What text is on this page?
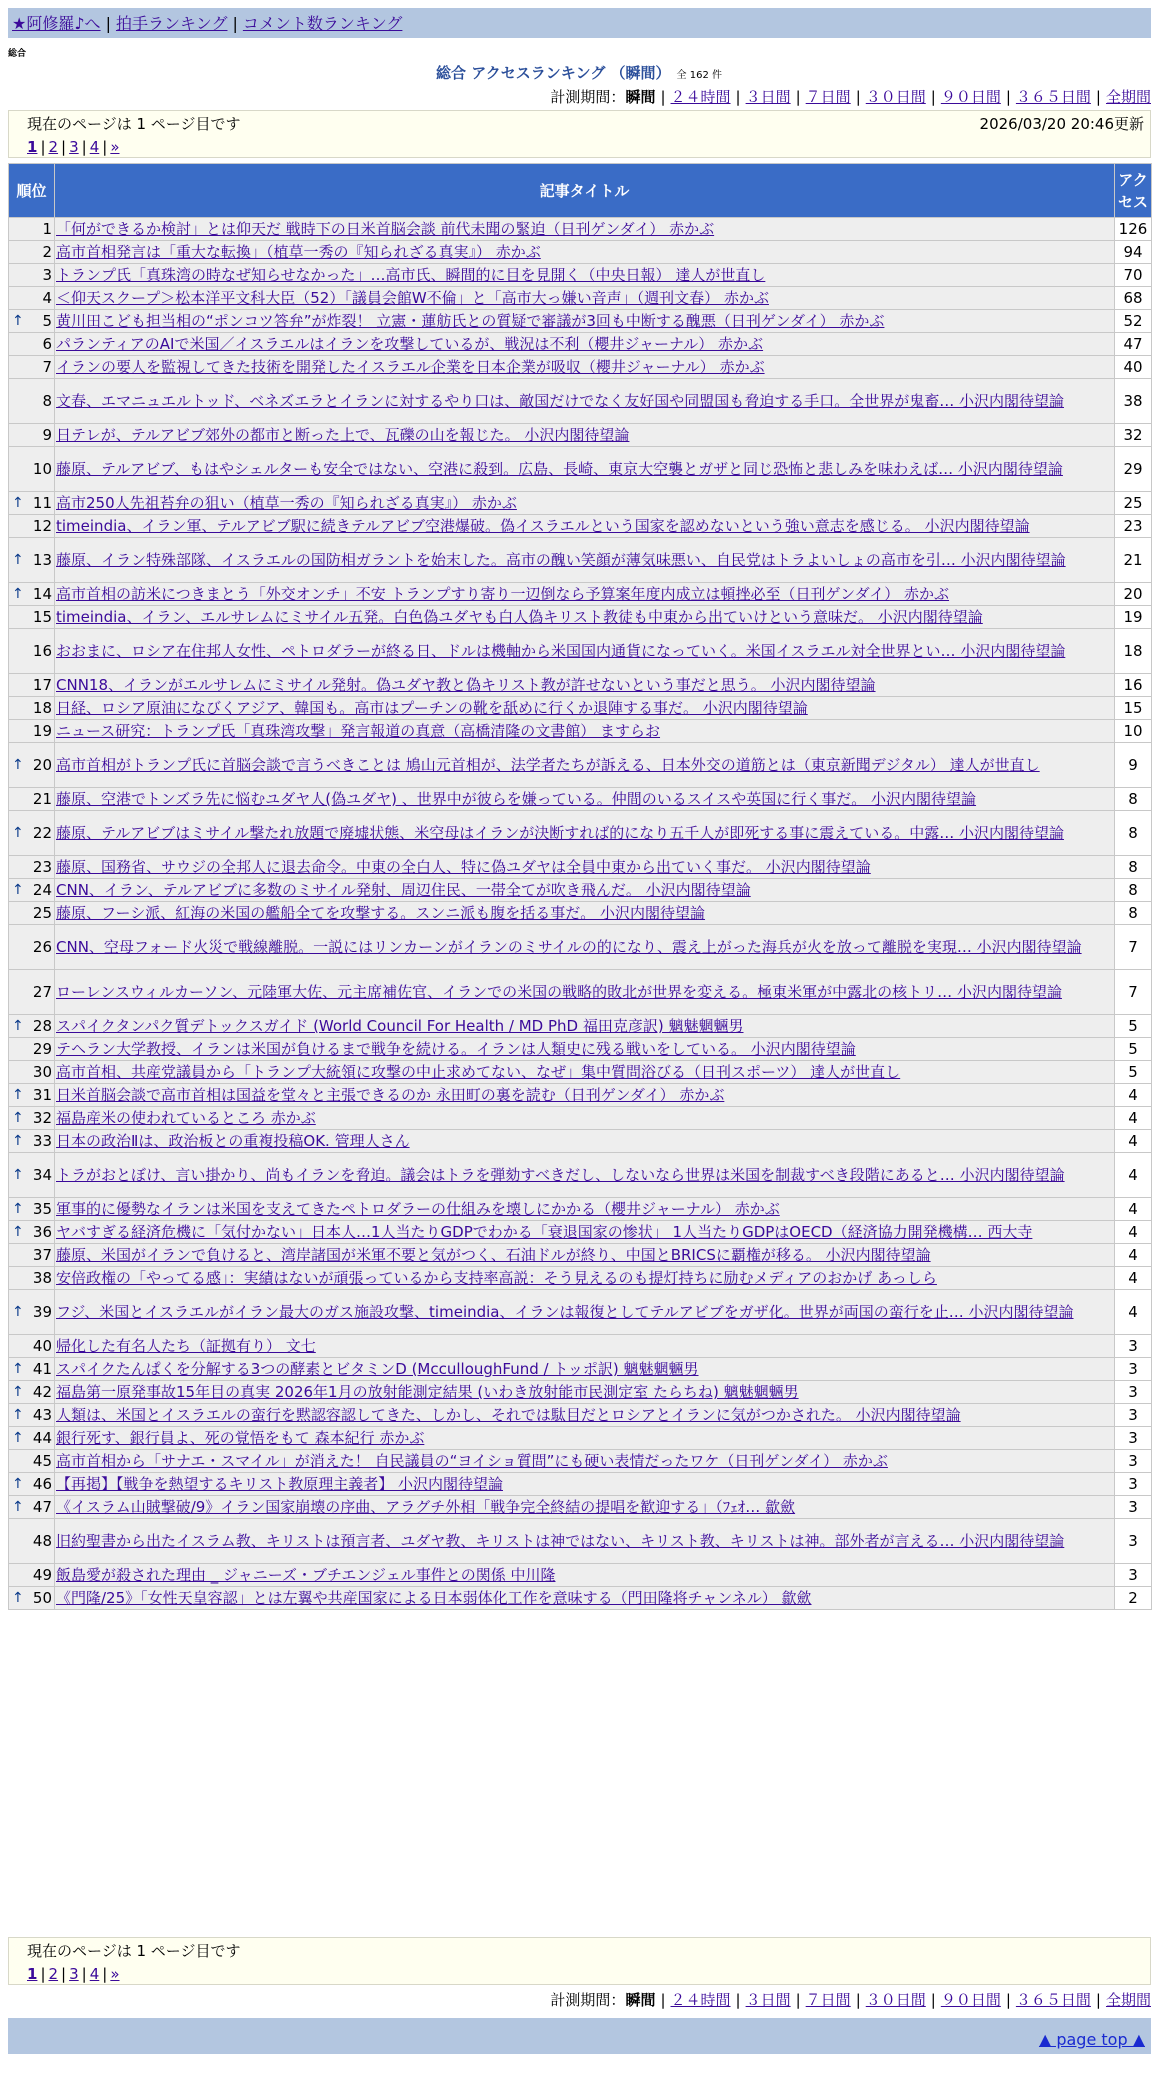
★阿修羅♪へ | 拍手ランキング | コメント数ランキング
総合
総合 アクセスランキング （瞬間） 全 162 件
計測期間：瞬間 | ２４時間 | ３日間 | ７日間 | ３０日間 | ９０日間 | ３６５日間 | 全期間
現在のページは 1 ページ目です	2026/03/20 20:46更新
1 | 2 | 3 | 4 | »
順位	記事タイトル	アクセス
1	「何ができるか検討」とは仰天だ 戦時下の日米首脳会談 前代未聞の緊迫（日刊ゲンダイ） 赤かぶ	126
2	高市首相発言は「重大な転換」（植草一秀の『知られざる真実』） 赤かぶ	94
3	トランプ氏「真珠湾の時なぜ知らせなかった」…高市氏、瞬間的に目を見開く（中央日報） 達人が世直し	70
4	＜仰天スクープ＞松本洋平文科大臣（52）「議員会館W不倫」と「高市大っ嫌い音声」（週刊文春） 赤かぶ	68

↑ 5	黄川田こども担当相の“ポンコツ答弁”が炸裂！ 立憲・蓮舫氏との質疑で審議が3回も中断する醜悪（日刊ゲンダイ） 赤かぶ	52
6	パランティアのAIで米国／イスラエルはイランを攻撃しているが、戦況は不利（櫻井ジャーナル） 赤かぶ	47
7	イランの要人を監視してきた技術を開発したイスラエル企業を日本企業が吸収（櫻井ジャーナル） 赤かぶ	40
8	文春、エマニュエルトッド、ベネズエラとイランに対するやり口は、敵国だけでなく友好国や同盟国も脅迫する手口。全世界が鬼畜… 小沢内閣待望論	38
9	日テレが、テルアビブ郊外の都市と断った上で、瓦礫の山を報じた。 小沢内閣待望論	32
10	藤原、テルアビブ、もはやシェルターも安全ではない、空港に殺到。広島、長崎、東京大空襲とガザと同じ恐怖と悲しみを味わえば… 小沢内閣待望論	29

↑ 11	高市250人先祖苔弁の狙い（植草一秀の『知られざる真実』） 赤かぶ	25
12	timeindia、イラン軍、テルアビブ駅に続きテルアビブ空港爆破。偽イスラエルという国家を認めないという強い意志を感じる。 小沢内閣待望論	23

↑ 13	藤原、イラン特殊部隊、イスラエルの国防相ガラントを始末した。高市の醜い笑顔が薄気味悪い、自民党はトラよいしょの高市を引… 小沢内閣待望論	21

↑ 14	高市首相の訪米につきまとう「外交オンチ」不安 トランプすり寄り一辺倒なら予算案年度内成立は頓挫必至（日刊ゲンダイ） 赤かぶ	20
15	timeindia、イラン、エルサレムにミサイル五発。白色偽ユダヤも白人偽キリスト教徒も中東から出ていけという意味だ。 小沢内閣待望論	19
16	おおまに、ロシア在住邦人女性、ペトロダラーが終る日、ドルは機軸から米国国内通貨になっていく。米国イスラエル対全世界とい… 小沢内閣待望論	18
17	CNN18、イランがエルサレムにミサイル発射。偽ユダヤ教と偽キリスト教が許せないという事だと思う。 小沢内閣待望論	16
18	日経、ロシア原油になびくアジア、韓国も。高市はプーチンの靴を舐めに行くか退陣する事だ。 小沢内閣待望論	15
19	ニュース研究：トランプ氏「真珠湾攻撃」発言報道の真意（高橋清隆の文書館） ますらお	10

↑ 20	高市首相がトランプ氏に首脳会談で言うべきことは 鳩山元首相が、法学者たちが訴える、日本外交の道筋とは（東京新聞デジタル） 達人が世直し	9
21	藤原、空港でトンズラ先に悩むユダヤ人(偽ユダヤ) 、世界中が彼らを嫌っている。仲間のいるスイスや英国に行く事だ。 小沢内閣待望論	8

↑ 22	藤原、テルアビブはミサイル撃たれ放題で廃墟状態、米空母はイランが決断すれば的になり五千人が即死する事に震えている。中露… 小沢内閣待望論	8
23	藤原、国務省、サウジの全邦人に退去命令。中東の全白人、特に偽ユダヤは全員中東から出ていく事だ。 小沢内閣待望論	8

↑ 24	CNN、イラン、テルアビブに多数のミサイル発射、周辺住民、一帯全てが吹き飛んだ。 小沢内閣待望論	8
25	藤原、フーシ派、紅海の米国の艦船全てを攻撃する。スンニ派も腹を括る事だ。 小沢内閣待望論	8
26	CNN、空母フォード火災で戦線離脱。一説にはリンカーンがイランのミサイルの的になり、震え上がった海兵が火を放って離脱を実現… 小沢内閣待望論	7
27	ローレンスウィルカーソン、元陸軍大佐、元主席補佐官、イランでの米国の戦略的敗北が世界を変える。極東米軍が中露北の核トリ… 小沢内閣待望論	7

↑ 28	スパイクタンパク質デトックスガイド (World Council For Health / MD PhD 福田克彦訳) 魑魅魍魎男	5
29	テヘラン大学教授、イランは米国が負けるまで戦争を続ける。イランは人類史に残る戦いをしている。 小沢内閣待望論	5
30	高市首相、共産党議員から「トランプ大統領に攻撃の中止求めてない、なぜ」集中質問浴びる（日刊スポーツ） 達人が世直し	5

↑ 31	日米首脳会談で高市首相は国益を堂々と主張できるのか 永田町の裏を読む（日刊ゲンダイ） 赤かぶ	4

↑ 32	福島産米の使われているところ 赤かぶ	4

↑ 33	日本の政治Ⅱは、政治板との重複投稿OK. 管理人さん	4

↑ 34	トラがおとぼけ、言い掛かり、尚もイランを脅迫。議会はトラを弾劾すべきだし、しないなら世界は米国を制裁すべき段階にあると… 小沢内閣待望論	4

↑ 35	軍事的に優勢なイランは米国を支えてきたペトロダラーの仕組みを壊しにかかる（櫻井ジャーナル） 赤かぶ	4

↑ 36	ヤバすぎる経済危機に「気付かない」日本人…1人当たりGDPでわかる「衰退国家の惨状」 1人当たりGDPはOECD（経済協力開発機構… 西大寺	4
37	藤原、米国がイランで負けると、湾岸諸国が米軍不要と気がつく、石油ドルが終り、中国とBRICSに覇権が移る。 小沢内閣待望論	4
38	安倍政権の「やってる感」：実績はないが頑張っているから支持率高説：そう見えるのも提灯持ちに励むメディアのおかげ あっしら	4

↑ 39	フジ、米国とイスラエルがイラン最大のガス施設攻撃、timeindia、イランは報復としてテルアビブをガザ化。世界が両国の蛮行を止… 小沢内閣待望論	4
40	帰化した有名人たち（証拠有り） 文七	3

↑ 41	スパイクたんぱくを分解する3つの酵素とビタミンD (McculloughFund / トッポ訳) 魑魅魍魎男	3

↑ 42	福島第一原発事故15年目の真実 2026年1月の放射能測定結果 (いわき放射能市民測定室 たらちね) 魑魅魍魎男	3

↑ 43	人類は、米国とイスラエルの蛮行を黙認容認してきた、しかし、それでは駄目だとロシアとイランに気がつかされた。 小沢内閣待望論	3

↑ 44	銀行死す、銀行員よ、死の覚悟をもて 森本紀行 赤かぶ	3
45	高市首相から「サナエ・スマイル」が消えた！ 自民議員の“ヨイショ質問”にも硬い表情だったワケ（日刊ゲンダイ） 赤かぶ	3

↑ 46	【再掲】【戦争を熱望するキリスト教原理主義者】 小沢内閣待望論	3

↑ 47	《イスラム山賊撃破/9》イラン国家崩壊の序曲、アラグチ外相「戦争完全終結の提唱を歓迎する」（ﾌｪｵ… 歙歛	3
48	旧約聖書から出たイスラム教、キリストは預言者、ユダヤ教、キリストは神ではない、キリスト教、キリストは神。部外者が言える… 小沢内閣待望論	3
49	飯島愛が殺された理由 _ ジャニーズ・ブチエンジェル事件との関係 中川隆	3

↑ 50	《門隆/25》「女性天皇容認」とは左翼や共産国家による日本弱体化工作を意味する（門田隆将チャンネル） 歙歛	2
現在のページは 1 ページ目です
1 | 2 | 3 | 4 | »
計測期間：瞬間 | ２４時間 | ３日間 | ７日間 | ３０日間 | ９０日間 | ３６５日間 | 全期間
▲ page top ▲
